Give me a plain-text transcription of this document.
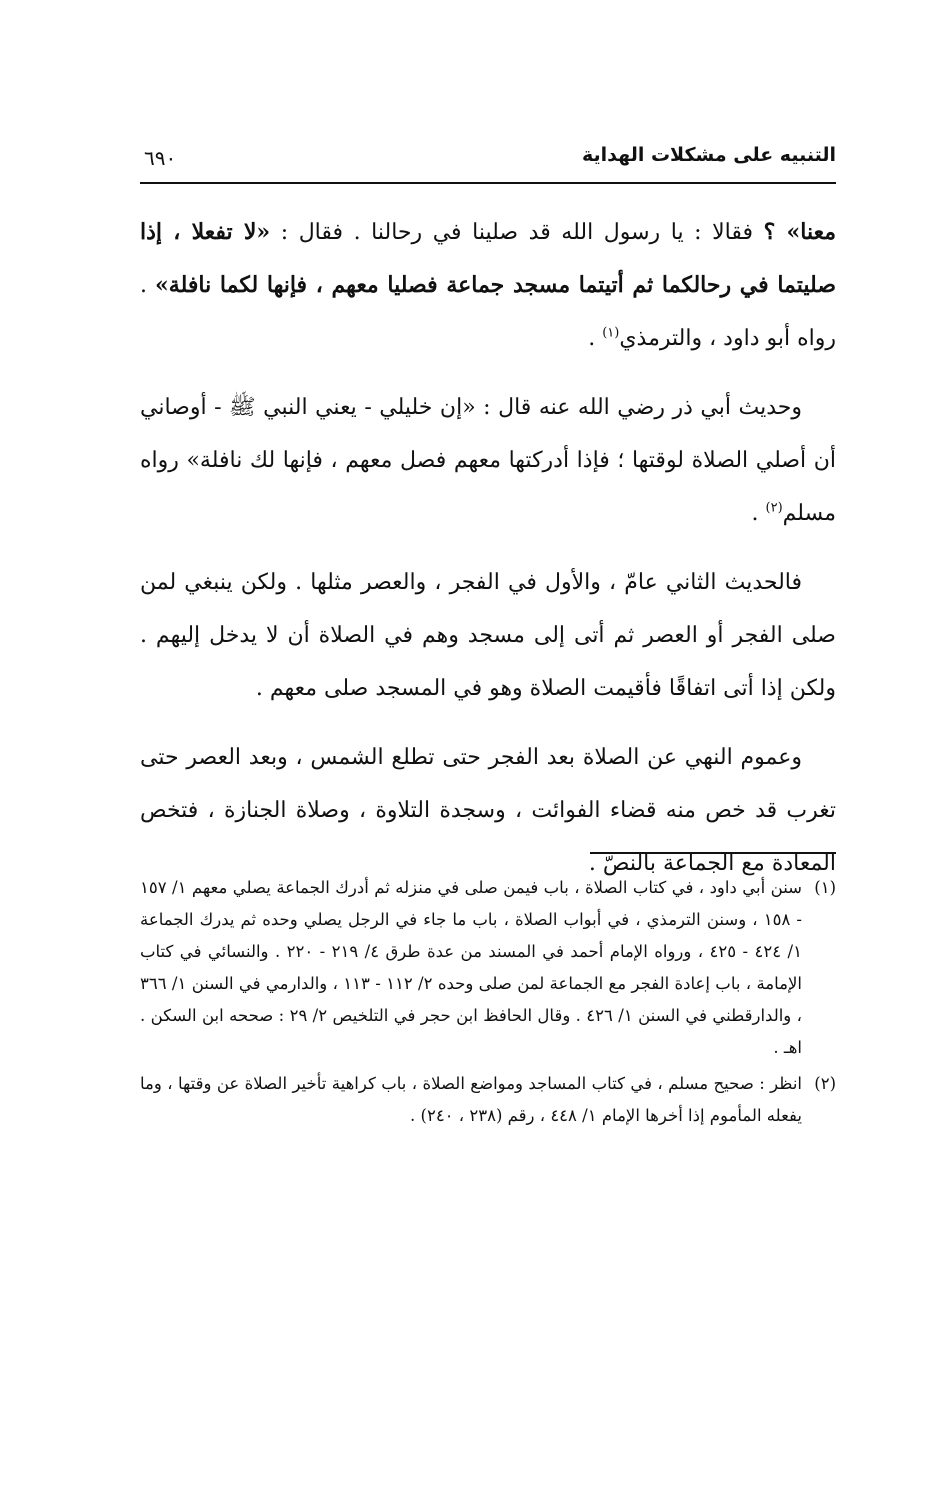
التنبيه على مشكلات الهداية
٦٩٠

معنا» ؟ فقالا : يا رسول الله قد صلينا في رحالنا . فقال : «لا تفعلا ، إذا صليتما في رحالكما ثم أتيتما مسجد جماعة فصليا معهم ، فإنها لكما نافلة» . رواه أبو داود ، والترمذي$^{(١)}$ .

وحديث أبي ذر رضي الله عنه قال : «إن خليلي - يعني النبي ﷺ - أوصاني أن أصلي الصلاة لوقتها ؛ فإذا أدركتها معهم فصل معهم ، فإنها لك نافلة» رواه مسلم$^{(٢)}$ .

فالحديث الثاني عامّ ، والأول في الفجر ، والعصر مثلها . ولكن ينبغي لمن صلى الفجر أو العصر ثم أتى إلى مسجد وهم في الصلاة أن لا يدخل إليهم . ولكن إذا أتى اتفاقًا فأقيمت الصلاة وهو في المسجد صلى معهم .

وعموم النهي عن الصلاة بعد الفجر حتى تطلع الشمس ، وبعد العصر حتى تغرب قد خص منه قضاء الفوائت ، وسجدة التلاوة ، وصلاة الجنازة ، فتخص المعادة مع الجماعة بالنصّ .

(١)
سنن أبي داود ، في كتاب الصلاة ، باب فيمن صلى في منزله ثم أدرك الجماعة يصلي معهم ١/ ١٥٧ - ١٥٨ ، وسنن الترمذي ، في أبواب الصلاة ، باب ما جاء في الرجل يصلي وحده ثم يدرك الجماعة ١/ ٤٢٤ - ٤٢٥ ، ورواه الإمام أحمد في المسند من عدة طرق ٤/ ٢١٩ - ٢٢٠ . والنسائي في كتاب الإمامة ، باب إعادة الفجر مع الجماعة لمن صلى وحده ٢/ ١١٢ - ١١٣ ، والدارمي في السنن ١/ ٣٦٦ ، والدارقطني في السنن ١/ ٤٢٦ . وقال الحافظ ابن حجر في التلخيص ٢/ ٢٩ : صححه ابن السكن . اهـ .
(٢)
انظر : صحيح مسلم ، في كتاب المساجد ومواضع الصلاة ، باب كراهية تأخير الصلاة عن وقتها ، وما يفعله المأموم إذا أخرها الإمام ١/ ٤٤٨ ، رقم (٢٣٨ ، ٢٤٠) .
